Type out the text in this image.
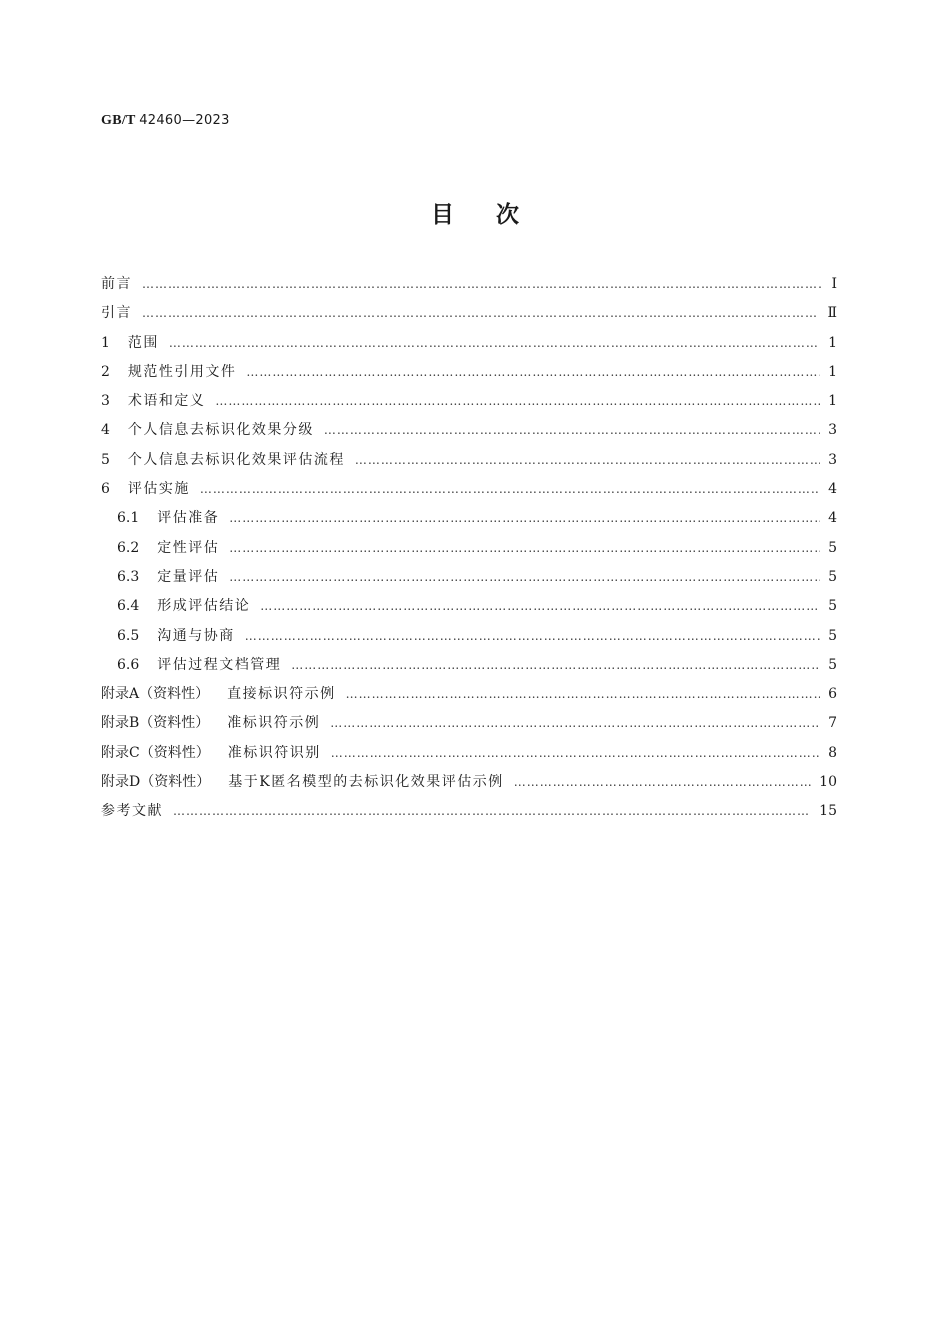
GB/T 42460—2023
目次
前言 …………………………………………………………………………………………………………………………………………………………………………………………………………	Ⅰ
引言 …………………………………………………………………………………………………………………………………………………………………………………………………………	Ⅱ
1 范围 …………………………………………………………………………………………………………………………………………………………………………………………………………	1
2 规范性引用文件 …………………………………………………………………………………………………………………………………………………………………………………………………………	1
3 术语和定义 …………………………………………………………………………………………………………………………………………………………………………………………………………	1
4 个人信息去标识化效果分级 …………………………………………………………………………………………………………………………………………………………………………………………………………	3
5 个人信息去标识化效果评估流程 …………………………………………………………………………………………………………………………………………………………………………………………………………	3
6 评估实施 …………………………………………………………………………………………………………………………………………………………………………………………………………	4
6.1 评估准备 …………………………………………………………………………………………………………………………………………………………………………………………………………	4
6.2 定性评估 …………………………………………………………………………………………………………………………………………………………………………………………………………	5
6.3 定量评估 …………………………………………………………………………………………………………………………………………………………………………………………………………	5
6.4 形成评估结论 …………………………………………………………………………………………………………………………………………………………………………………………………………	5
6.5 沟通与协商 …………………………………………………………………………………………………………………………………………………………………………………………………………	5
6.6 评估过程文档管理 …………………………………………………………………………………………………………………………………………………………………………………………………………	5
附录A（资料性） 直接标识符示例 …………………………………………………………………………………………………………………………………………………………………………………………………………	6
附录B（资料性） 准标识符示例 …………………………………………………………………………………………………………………………………………………………………………………………………………	7
附录C（资料性） 准标识符识别 …………………………………………………………………………………………………………………………………………………………………………………………………………	8
附录D（资料性） 基于K匿名模型的去标识化效果评估示例 …………………………………………………………………………………………………………………………………………………………………………………………………………	10
参考文献 …………………………………………………………………………………………………………………………………………………………………………………………………………	15
